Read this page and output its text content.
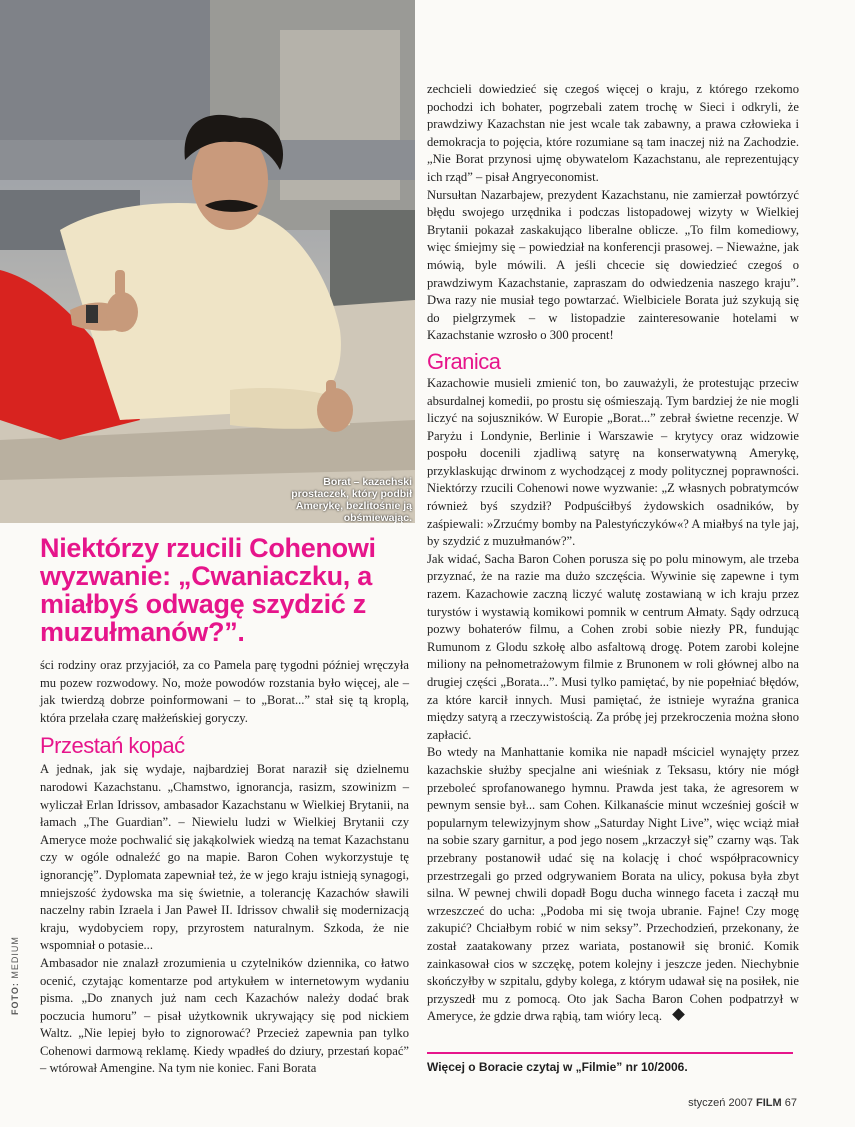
Borat – kazachski prostaczek, który podbił Amerykę, bezlitośnie ją obśmiewając.
Niektórzy rzucili Cohenowi wyzwanie: „Cwaniaczku, a miałbyś odwagę szydzić z muzułmanów?”.
FOTO: MEDIUM

ści rodziny oraz przyjaciół, za co Pamela parę tygodni później wręczyła mu pozew rozwodowy. No, może powodów rozstania było więcej, ale – jak twierdzą dobrze poinformowani – to „Borat...” stał się tą kroplą, która przelała czarę małżeńskiej goryczy.

Przestań kopać

A jednak, jak się wydaje, najbardziej Borat naraził się dzielnemu narodowi Kazachstanu. „Chamstwo, ignorancja, rasizm, szowinizm – wyliczał Erlan Idrissov, ambasador Kazachstanu w Wielkiej Brytanii, na łamach „The Guardian”. – Niewielu ludzi w Wielkiej Brytanii czy Ameryce może pochwalić się jakąkolwiek wiedzą na temat Kazachstanu czy w ogóle odnaleźć go na mapie. Baron Cohen wykorzystuje tę ignorancję”. Dyplomata zapewniał też, że w jego kraju istnieją synagogi, mniejszość żydowska ma się świetnie, a tolerancję Kazachów sławili naczelny rabin Izraela i Jan Paweł II. Idrissov chwalił się modernizacją kraju, wydobyciem ropy, przyrostem naturalnym. Szkoda, że nie wspomniał o potasie...

Ambasador nie znalazł zrozumienia u czytelników dziennika, co łatwo ocenić, czytając komentarze pod artykułem w internetowym wydaniu pisma. „Do znanych już nam cech Kazachów należy dodać brak poczucia humoru” – pisał użytkownik ukrywający się pod nickiem Waltz. „Nie lepiej było to zignorować? Przecież zapewnia pan tylko Cohenowi darmową reklamę. Kiedy wpadłeś do dziury, przestań kopać” – wtórował Amengine. Na tym nie koniec. Fani Borata

zechcieli dowiedzieć się czegoś więcej o kraju, z którego rzekomo pochodzi ich bohater, pogrzebali zatem trochę w Sieci i odkryli, że prawdziwy Kazachstan nie jest wcale tak zabawny, a prawa człowieka i demokracja to pojęcia, które rozumiane są tam inaczej niż na Zachodzie. „Nie Borat przynosi ujmę obywatelom Kazachstanu, ale reprezentujący ich rząd” – pisał Angryeconomist.

Nursułtan Nazarbajew, prezydent Kazachstanu, nie zamierzał powtórzyć błędu swojego urzędnika i podczas listopadowej wizyty w Wielkiej Brytanii pokazał zaskakująco liberalne oblicze. „To film komediowy, więc śmiejmy się – powiedział na konferencji prasowej. – Nieważne, jak mówią, byle mówili. A jeśli chcecie się dowiedzieć czegoś o prawdziwym Kazachstanie, zapraszam do odwiedzenia naszego kraju”. Dwa razy nie musiał tego powtarzać. Wielbiciele Borata już szykują się do pielgrzymek – w listopadzie zainteresowanie hotelami w Kazachstanie wzrosło o 300 procent!

Granica

Kazachowie musieli zmienić ton, bo zauważyli, że protestując przeciw absurdalnej komedii, po prostu się ośmieszają. Tym bardziej że nie mogli liczyć na sojuszników. W Europie „Borat...” zebrał świetne recenzje. W Paryżu i Londynie, Berlinie i Warszawie – krytycy oraz widzowie pospołu docenili zjadliwą satyrę na konserwatywną Amerykę, przyklaskując drwinom z wychodzącej z mody politycznej poprawności. Niektórzy rzucili Cohenowi nowe wyzwanie: „Z własnych pobratymców również byś szydził? Podpuściłbyś żydowskich osadników, by zaśpiewali: »Zrzućmy bomby na Palestyńczyków«? A miałbyś na tyle jaj, by szydzić z muzułmanów?”.

Jak widać, Sacha Baron Cohen porusza się po polu minowym, ale trzeba przyznać, że na razie ma dużo szczęścia. Wywinie się zapewne i tym razem. Kazachowie zaczną liczyć walutę zostawianą w ich kraju przez turystów i wystawią komikowi pomnik w centrum Ałmaty. Sądy odrzucą pozwy bohaterów filmu, a Cohen zrobi sobie niezły PR, fundując Rumunom z Glodu szkołę albo asfaltową drogę. Potem zarobi kolejne miliony na pełnometrażowym filmie z Brunonem w roli głównej albo na drugiej części „Borata...”. Musi tylko pamiętać, by nie popełniać błędów, za które karcił innych. Musi pamiętać, że istnieje wyraźna granica między satyrą a rzeczywistością. Za próbę jej przekroczenia można słono zapłacić.

Bo wtedy na Manhattanie komika nie napadł mściciel wynajęty przez kazachskie służby specjalne ani wieśniak z Teksasu, który nie mógł przeboleć sprofanowanego hymnu. Prawda jest taka, że agresorem w pewnym sensie był... sam Cohen. Kilkanaście minut wcześniej gościł w popularnym telewizyjnym show „Saturday Night Live”, więc wciąż miał na sobie szary garnitur, a pod jego nosem „krzaczył się” czarny wąs. Tak przebrany postanowił udać się na kolację i choć współpracownicy przestrzegali go przed odgrywaniem Borata na ulicy, pokusa była zbyt silna. W pewnej chwili dopadł Bogu ducha winnego faceta i zaczął mu wrzeszczeć do ucha: „Podoba mi się twoja ubranie. Fajne! Czy mogę zakupić? Chciałbym robić w nim seksy”. Przechodzień, przekonany, że został zaatakowany przez wariata, postanowił się bronić. Komik zainkasował cios w szczękę, potem kolejny i jeszcze jeden. Niechybnie skończyłby w szpitalu, gdyby kolega, z którym udawał się na posiłek, nie przyszedł mu z pomocą. Oto jak Sacha Baron Cohen podpatrzył w Ameryce, że gdzie drwa rąbią, tam wióry lecą.

Więcej o Boracie czytaj w „Filmie” nr 10/2006.
styczeń 2007 FILM 67
